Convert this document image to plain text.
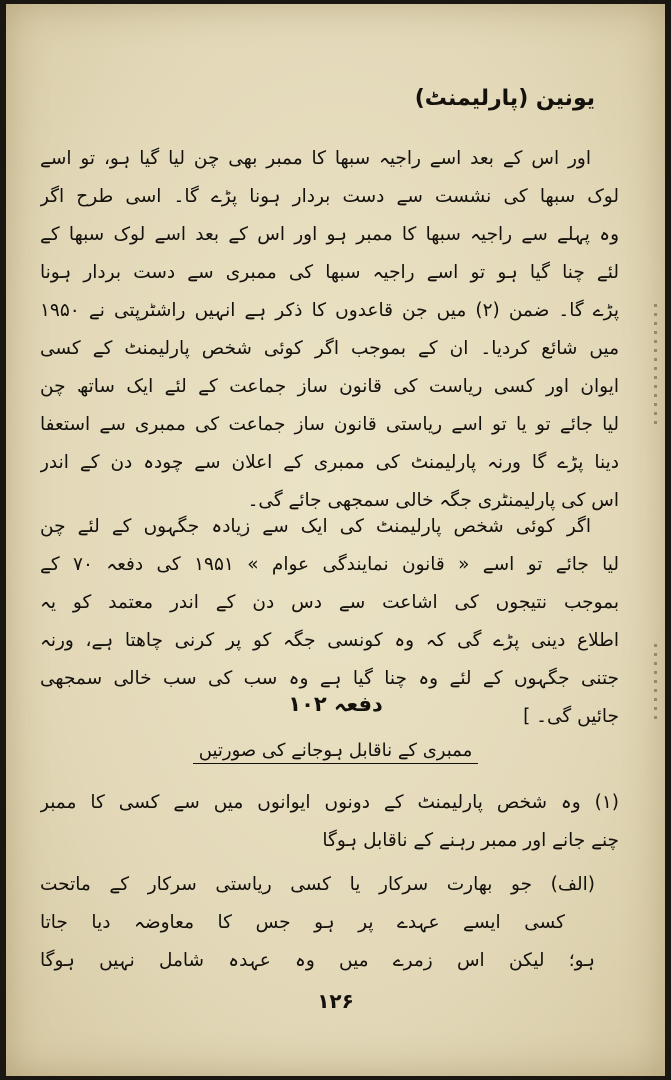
یونین (پارلیمنٹ)
اور اس کے بعد اسے راجیہ سبھا کا ممبر بھی چن لیا گیا ہو، تو اسے
لوک سبھا کی نشست سے دست بردار ہونا پڑے گا۔ اسی طرح اگر
وہ پہلے سے راجیہ سبھا کا ممبر ہو اور اس کے بعد اسے لوک سبھا کے
لئے چنا گیا ہو تو اسے راجیہ سبھا کی ممبری سے دست بردار ہونا
پڑے گا۔ ضمن (۲) میں جن قاعدوں کا ذکر ہے انہیں راشٹرپتی نے ۱۹۵۰
میں شائع کردیا۔ ان کے بموجب اگر کوئی شخص پارلیمنٹ کے کسی
ایوان اور کسی ریاست کی قانون ساز جماعت کے لئے ایک ساتھ چن
لیا جائے تو یا تو اسے ریاستی قانون ساز جماعت کی ممبری سے استعفا
دینا پڑے گا ورنہ پارلیمنٹ کی ممبری کے اعلان سے چودہ دن کے اندر
اس کی پارلیمنٹری جگہ خالی سمجھی جائے گی۔
اگر کوئی شخص پارلیمنٹ کی ایک سے زیادہ جگہوں کے لئے چن
لیا جائے تو اسے « قانون نمایندگی عوام » ۱۹۵۱ کی دفعہ ۷۰ کے
بموجب نتیجوں کی اشاعت سے دس دن کے اندر معتمد کو یہ
اطلاع دینی پڑے گی کہ وہ کونسی جگہ کو پر کرنی چاھتا ہے، ورنہ
جتنی جگہوں کے لئے وہ چنا گیا ہے وہ سب کی سب خالی سمجھی
جائیں گی۔ ]
دفعہ ۱۰۲
ممبری کے ناقابل ہوجانے کی صورتیں
(۱) وہ شخص پارلیمنٹ کے دونوں ایوانوں میں سے کسی کا ممبر
چنے جانے اور ممبر رہنے کے ناقابل ہوگا
(الف) جو بھارت سرکار یا کسی ریاستی سرکار کے ماتحت
کسی ایسے عہدے پر ہو جس کا معاوضہ دیا جاتا
ہو؛ لیکن اس زمرے میں وہ عہدہ شامل نہیں ہوگا
۱۲۶
